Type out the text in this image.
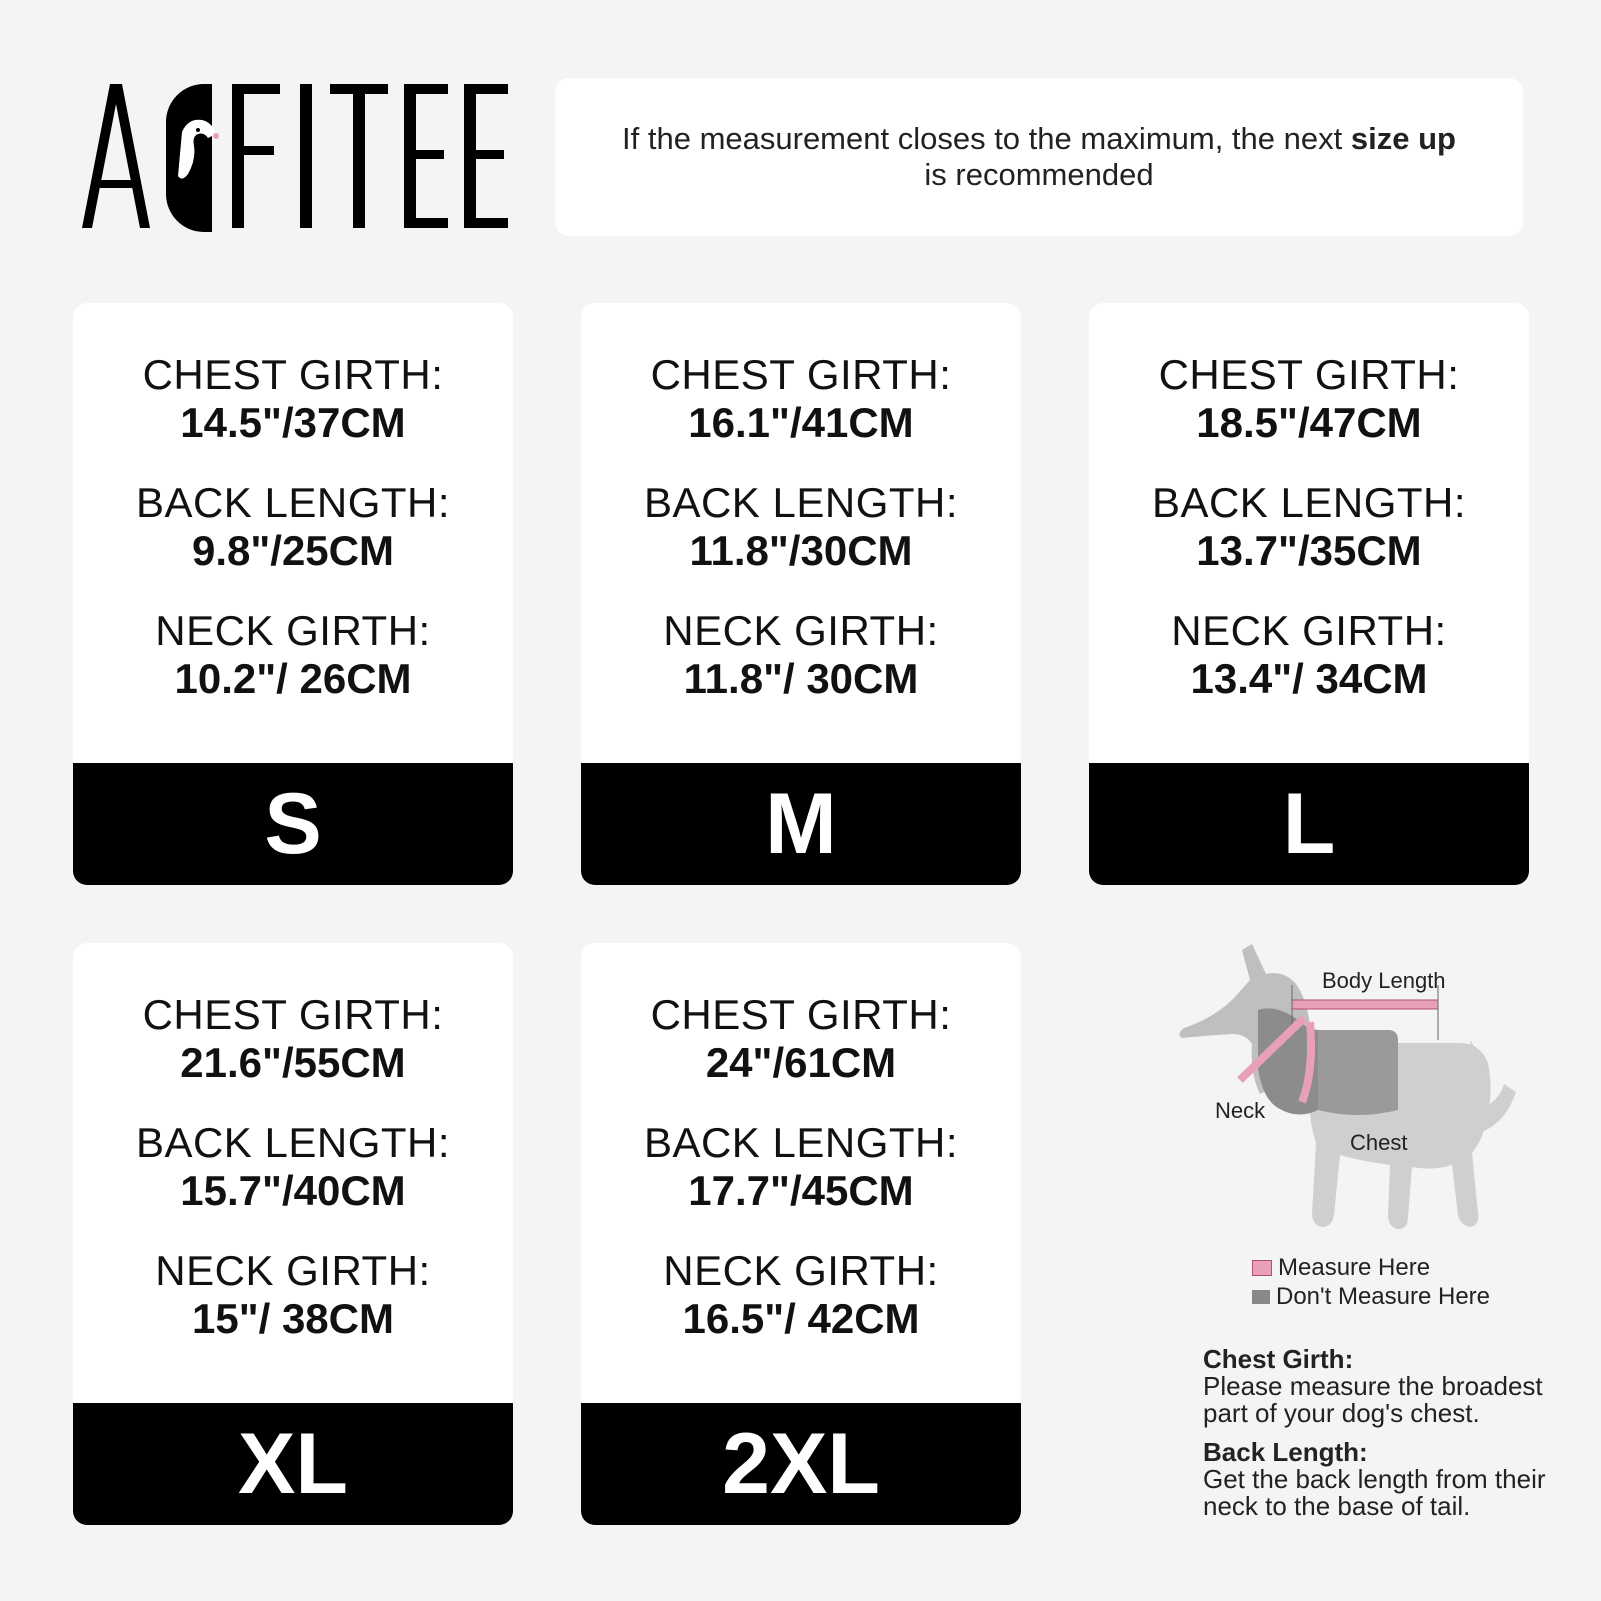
If the measurement closes to the maximum, the next size up
is recommended
CHEST GIRTH:
14.5"/37CM
BACK LENGTH:
9.8"/25CM
NECK GIRTH:
10.2"/ 26CM
S
CHEST GIRTH:
16.1"/41CM
BACK LENGTH:
11.8"/30CM
NECK GIRTH:
11.8"/ 30CM
M
CHEST GIRTH:
18.5"/47CM
BACK LENGTH:
13.7"/35CM
NECK GIRTH:
13.4"/ 34CM
L
CHEST GIRTH:
21.6"/55CM
BACK LENGTH:
15.7"/40CM
NECK GIRTH:
15"/ 38CM
XL
CHEST GIRTH:
24"/61CM
BACK LENGTH:
17.7"/45CM
NECK GIRTH:
16.5"/ 42CM
2XL
Body Length
Neck
Chest
Measure Here
Don't Measure Here
Chest Girth:
Please measure the broadest part of your dog's chest.
Back Length:
Get the back length from their neck to the base of tail.
